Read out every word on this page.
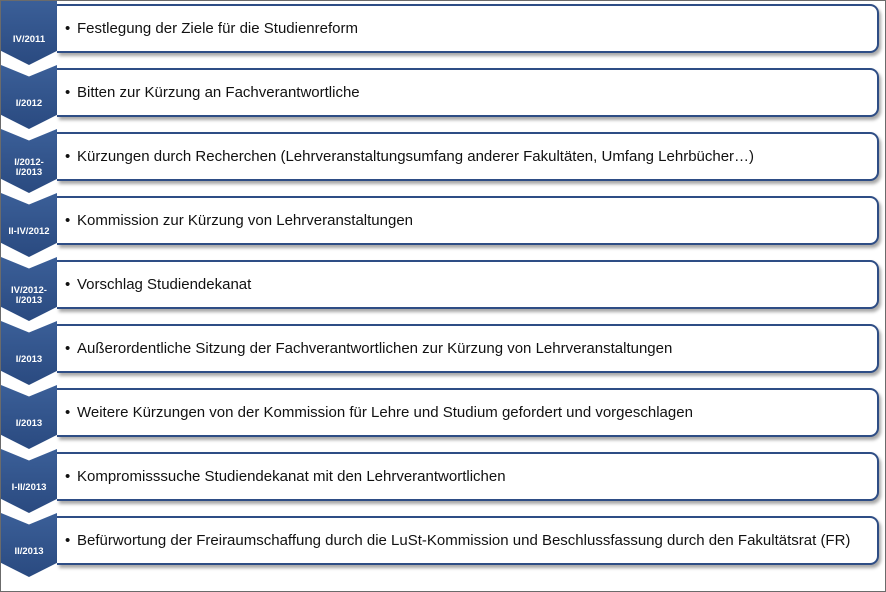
IV/2011
• Festlegung der Ziele für die Studienreform
I/2012
• Bitten zur Kürzung an Fachverantwortliche
I/2012-
I/2013
• Kürzungen durch Recherchen (Lehrveranstaltungsumfang anderer Fakultäten, Umfang Lehrbücher…)
II-IV/2012
• Kommission zur Kürzung von Lehrveranstaltungen
IV/2012-
I/2013
• Vorschlag Studiendekanat
I/2013
• Außerordentliche Sitzung der Fachverantwortlichen zur Kürzung von Lehrveranstaltungen
I/2013
• Weitere Kürzungen von der Kommission für Lehre und Studium gefordert und vorgeschlagen
I-II/2013
• Kompromisssuche Studiendekanat mit den Lehrverantwortlichen
II/2013
• Befürwortung der Freiraumschaffung durch die LuSt-Kommission und Beschlussfassung durch den Fakultätsrat (FR)
